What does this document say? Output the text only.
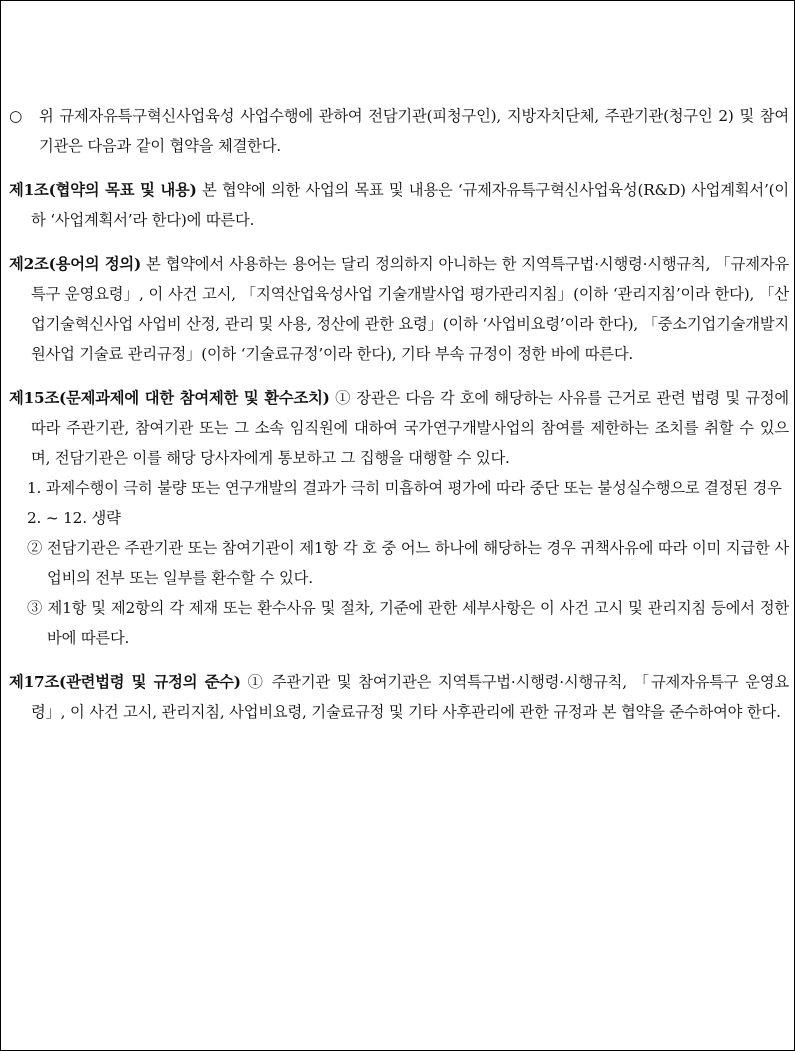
○ 위 규제자유특구혁신사업육성 사업수행에 관하여 전담기관(피청구인), 지방자치단체, 주관기관(청구인 2) 및 참여기관은 다음과 같이 협약을 체결한다.

제1조(협약의 목표 및 내용) 본 협약에 의한 사업의 목표 및 내용은 ‘규제자유특구혁신사업육성(R&D) 사업계획서’(이하 ‘사업계획서’라 한다)에 따른다.

제2조(용어의 정의) 본 협약에서 사용하는 용어는 달리 정의하지 아니하는 한 지역특구법·시행령·시행규칙, 「규제자유특구 운영요령」, 이 사건 고시, 「지역산업육성사업 기술개발사업 평가관리지침」(이하 ‘관리지침’이라 한다), 「산업기술혁신사업 사업비 산정, 관리 및 사용, 정산에 관한 요령」(이하 ‘사업비요령’이라 한다), 「중소기업기술개발지원사업 기술료 관리규정」(이하 ‘기술료규정’이라 한다), 기타 부속 규정이 정한 바에 따른다.

제15조(문제과제에 대한 참여제한 및 환수조치) ① 장관은 다음 각 호에 해당하는 사유를 근거로 관련 법령 및 규정에 따라 주관기관, 참여기관 또는 그 소속 임직원에 대하여 국가연구개발사업의 참여를 제한하는 조치를 취할 수 있으며, 전담기관은 이를 해당 당사자에게 통보하고 그 집행을 대행할 수 있다.

1. 과제수행이 극히 불량 또는 연구개발의 결과가 극히 미흡하여 평가에 따라 중단 또는 불성실수행으로 결정된 경우

2. ~ 12. 생략

② 전담기관은 주관기관 또는 참여기관이 제1항 각 호 중 어느 하나에 해당하는 경우 귀책사유에 따라 이미 지급한 사업비의 전부 또는 일부를 환수할 수 있다.

③ 제1항 및 제2항의 각 제재 또는 환수사유 및 절차, 기준에 관한 세부사항은 이 사건 고시 및 관리지침 등에서 정한 바에 따른다.

제17조(관련법령 및 규정의 준수) ① 주관기관 및 참여기관은 지역특구법·시행령·시행규칙, 「규제자유특구 운영요령」, 이 사건 고시, 관리지침, 사업비요령, 기술료규정 및 기타 사후관리에 관한 규정과 본 협약을 준수하여야 한다.
